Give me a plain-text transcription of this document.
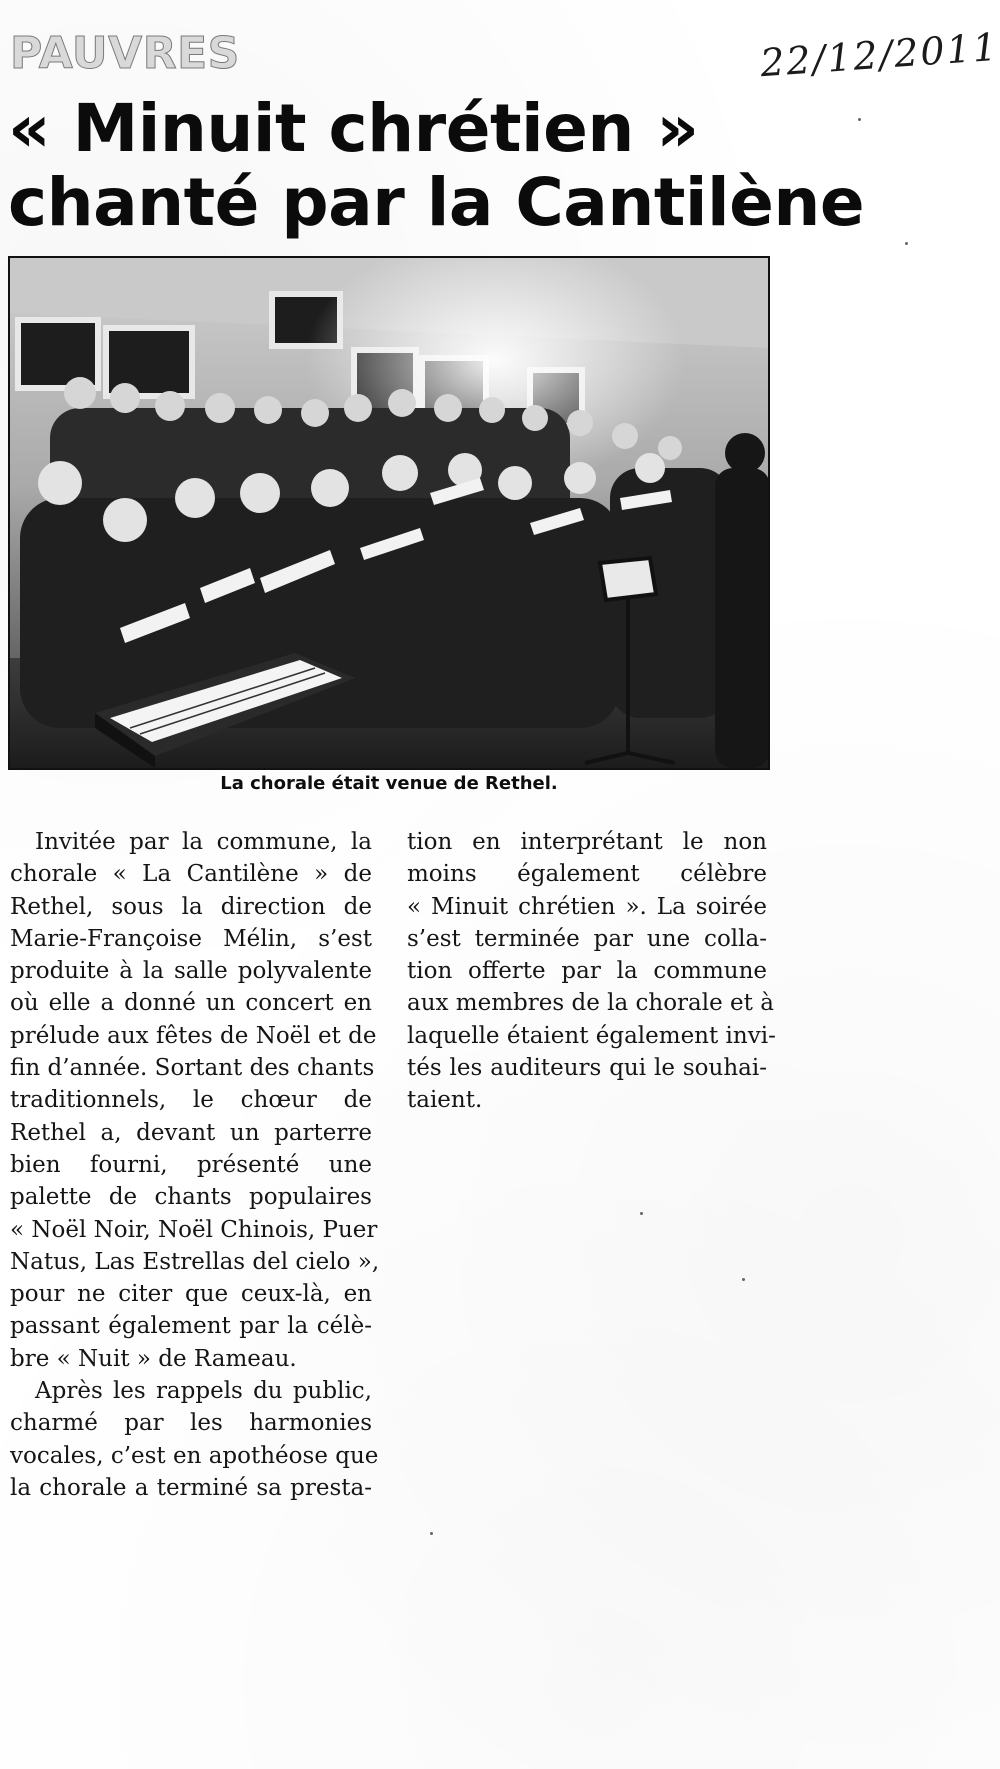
PAUVRES	22/12/2011
« Minuit chrétien »
chanté par la Cantilène
La chorale était venue de Rethel.
Invitée par la commune, la
chorale « La Cantilène » de
Rethel, sous la direction de
Marie-Françoise Mélin, s’est
produite à la salle polyvalente
où elle a donné un concert en
prélude aux fêtes de Noël et de
fin d’année. Sortant des chants
traditionnels, le chœur de
Rethel a, devant un parterre
bien fourni, présenté une
palette de chants populaires
« Noël Noir, Noël Chinois, Puer
Natus, Las Estrellas del cielo »,
pour ne citer que ceux-là, en
passant également par la célè-
bre « Nuit » de Rameau.
Après les rappels du public,
charmé par les harmonies
vocales, c’est en apothéose que
la chorale a terminé sa presta-
tion en interprétant le non
moins également célèbre
« Minuit chrétien ». La soirée
s’est terminée par une colla-
tion offerte par la commune
aux membres de la chorale et à
laquelle étaient également invi-
tés les auditeurs qui le souhai-
taient.
